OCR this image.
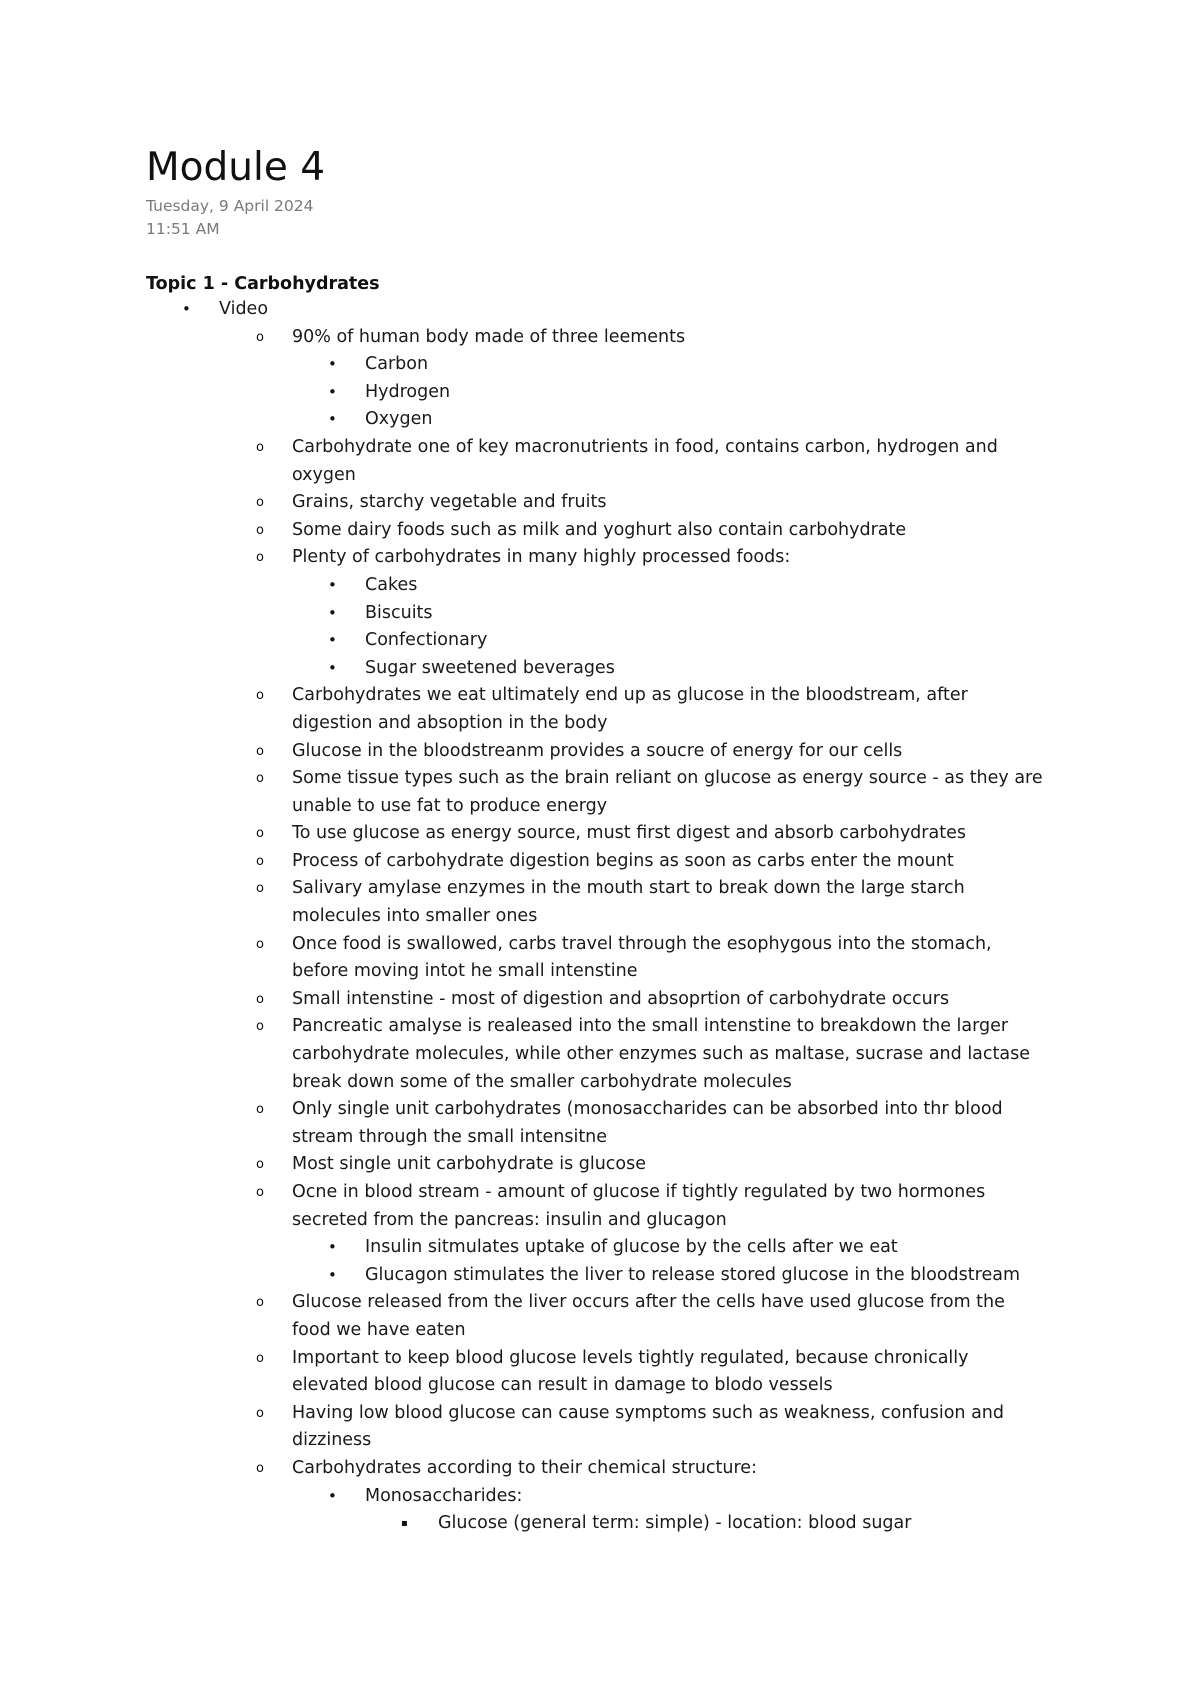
Module 4
Tuesday, 9 April 2024
11:51 AM
Topic 1 - Carbohydrates
• Video
o 90% of human body made of three leements
• Carbon
• Hydrogen
• Oxygen
o Carbohydrate one of key macronutrients in food, contains carbon, hydrogen and
oxygen
o Grains, starchy vegetable and fruits
o Some dairy foods such as milk and yoghurt also contain carbohydrate
o Plenty of carbohydrates in many highly processed foods:
• Cakes
• Biscuits
• Confectionary
• Sugar sweetened beverages
o Carbohydrates we eat ultimately end up as glucose in the bloodstream, after
digestion and absoption in the body
o Glucose in the bloodstreanm provides a soucre of energy for our cells
o Some tissue types such as the brain reliant on glucose as energy source - as they are
unable to use fat to produce energy
o To use glucose as energy source, must first digest and absorb carbohydrates
o Process of carbohydrate digestion begins as soon as carbs enter the mount
o Salivary amylase enzymes in the mouth start to break down the large starch
molecules into smaller ones
o Once food is swallowed, carbs travel through the esophygous into the stomach,
before moving intot he small intenstine
o Small intenstine - most of digestion and absoprtion of carbohydrate occurs
o Pancreatic amalyse is realeased into the small intenstine to breakdown the larger
carbohydrate molecules, while other enzymes such as maltase, sucrase and lactase
break down some of the smaller carbohydrate molecules
o Only single unit carbohydrates (monosaccharides can be absorbed into thr blood
stream through the small intensitne
o Most single unit carbohydrate is glucose
o Ocne in blood stream - amount of glucose if tightly regulated by two hormones
secreted from the pancreas: insulin and glucagon
• Insulin sitmulates uptake of glucose by the cells after we eat
• Glucagon stimulates the liver to release stored glucose in the bloodstream
o Glucose released from the liver occurs after the cells have used glucose from the
food we have eaten
o Important to keep blood glucose levels tightly regulated, because chronically
elevated blood glucose can result in damage to blodo vessels
o Having low blood glucose can cause symptoms such as weakness, confusion and
dizziness
o Carbohydrates according to their chemical structure:
• Monosaccharides:
▪ Glucose (general term: simple) - location: blood sugar
